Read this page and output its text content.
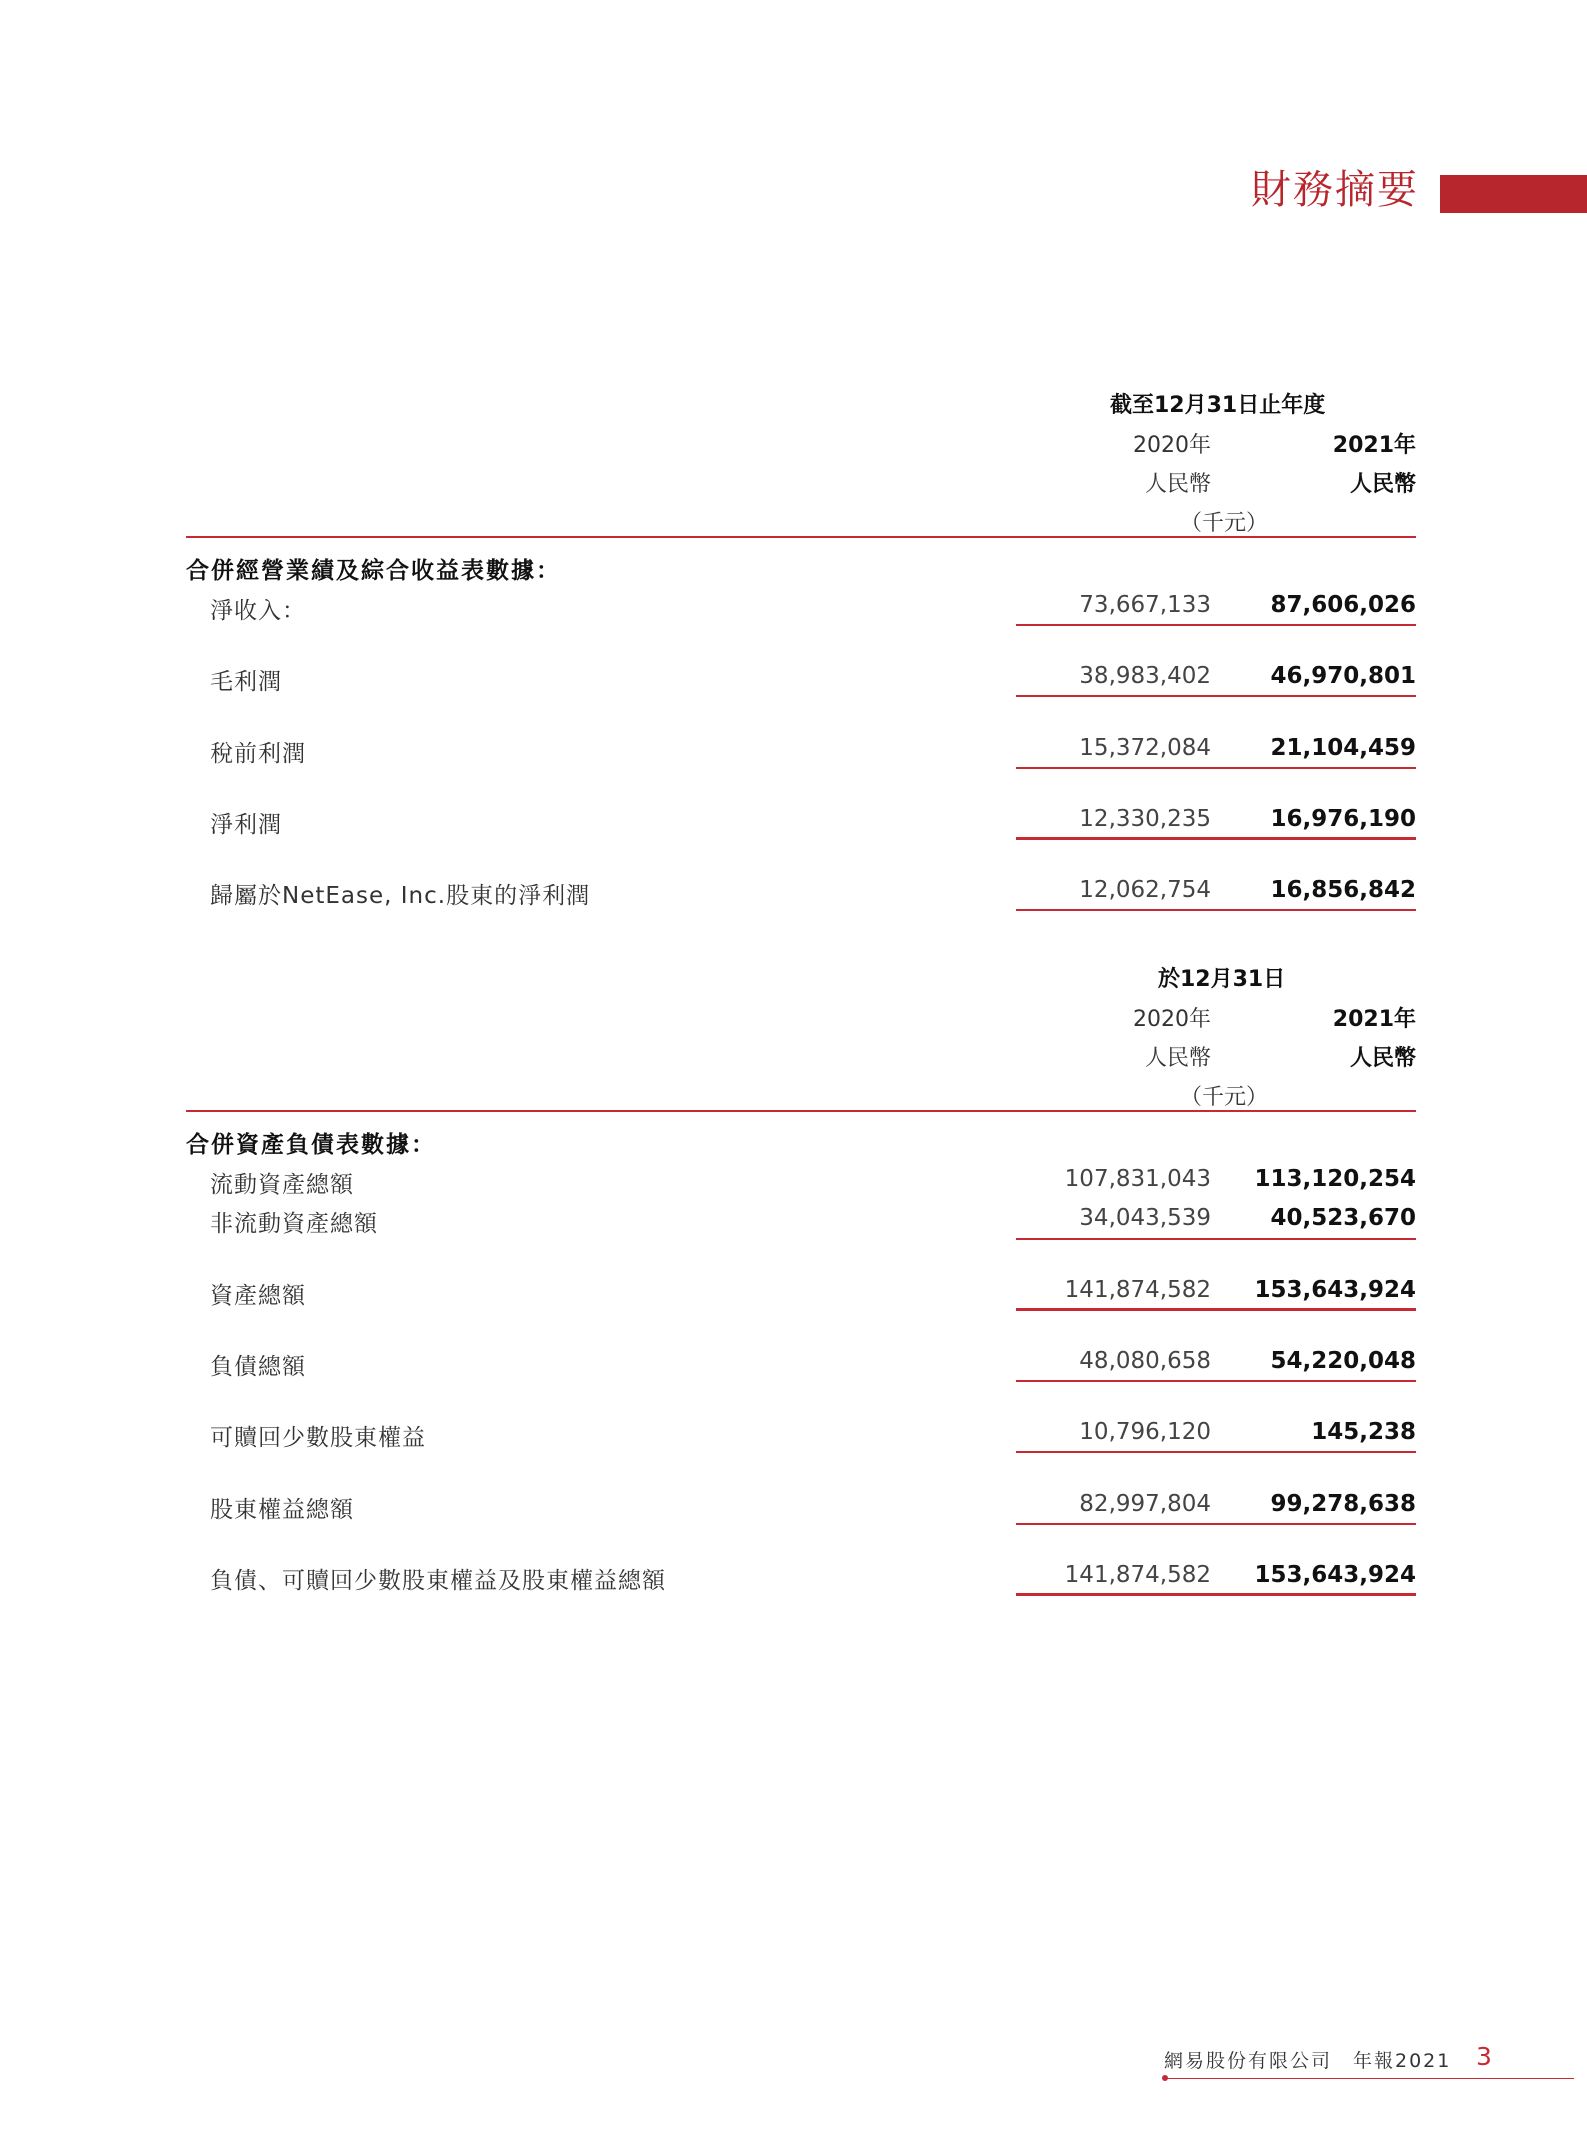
財務摘要
截至12月31日止年度
2020年	2021年
人民幣	人民幣
（千元）
合併經營業績及綜合收益表數據：
淨收入：	73,667,133	87,606,026
毛利潤	38,983,402	46,970,801
稅前利潤	15,372,084	21,104,459
淨利潤	12,330,235	16,976,190
歸屬於NetEase, Inc.股東的淨利潤	12,062,754	16,856,842
於12月31日
2020年	2021年
人民幣	人民幣
（千元）
合併資產負債表數據：
流動資產總額	107,831,043	113,120,254
非流動資產總額	34,043,539	40,523,670
資產總額	141,874,582	153,643,924
負債總額	48,080,658	54,220,048
可贖回少數股東權益	10,796,120	145,238
股東權益總額	82,997,804	99,278,638
負債、可贖回少數股東權益及股東權益總額	141,874,582	153,643,924
網易股份有限公司　年報2021 3
